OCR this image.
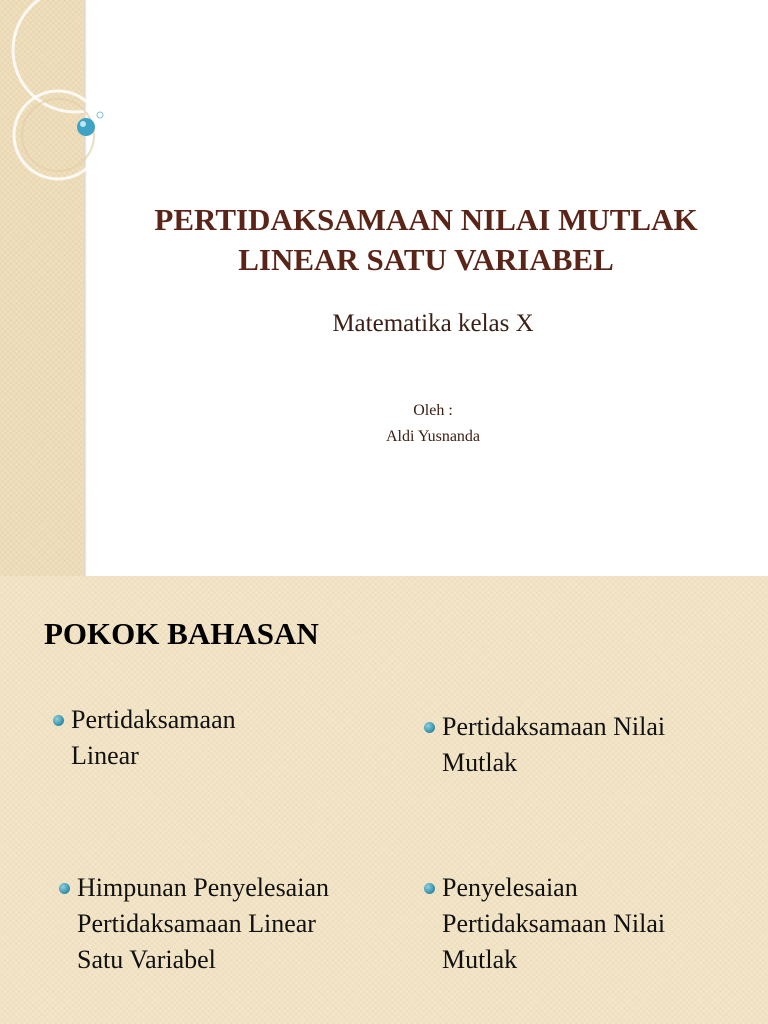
PERTIDAKSAMAAN NILAI MUTLAK
LINEAR SATU VARIABEL
Matematika kelas X
Oleh :
Aldi Yusnanda
POKOK BAHASAN
Pertidaksamaan Linear
Pertidaksamaan Nilai Mutlak
Himpunan Penyelesaian Pertidaksamaan Linear Satu Variabel
Penyelesaian Pertidaksamaan Nilai Mutlak
